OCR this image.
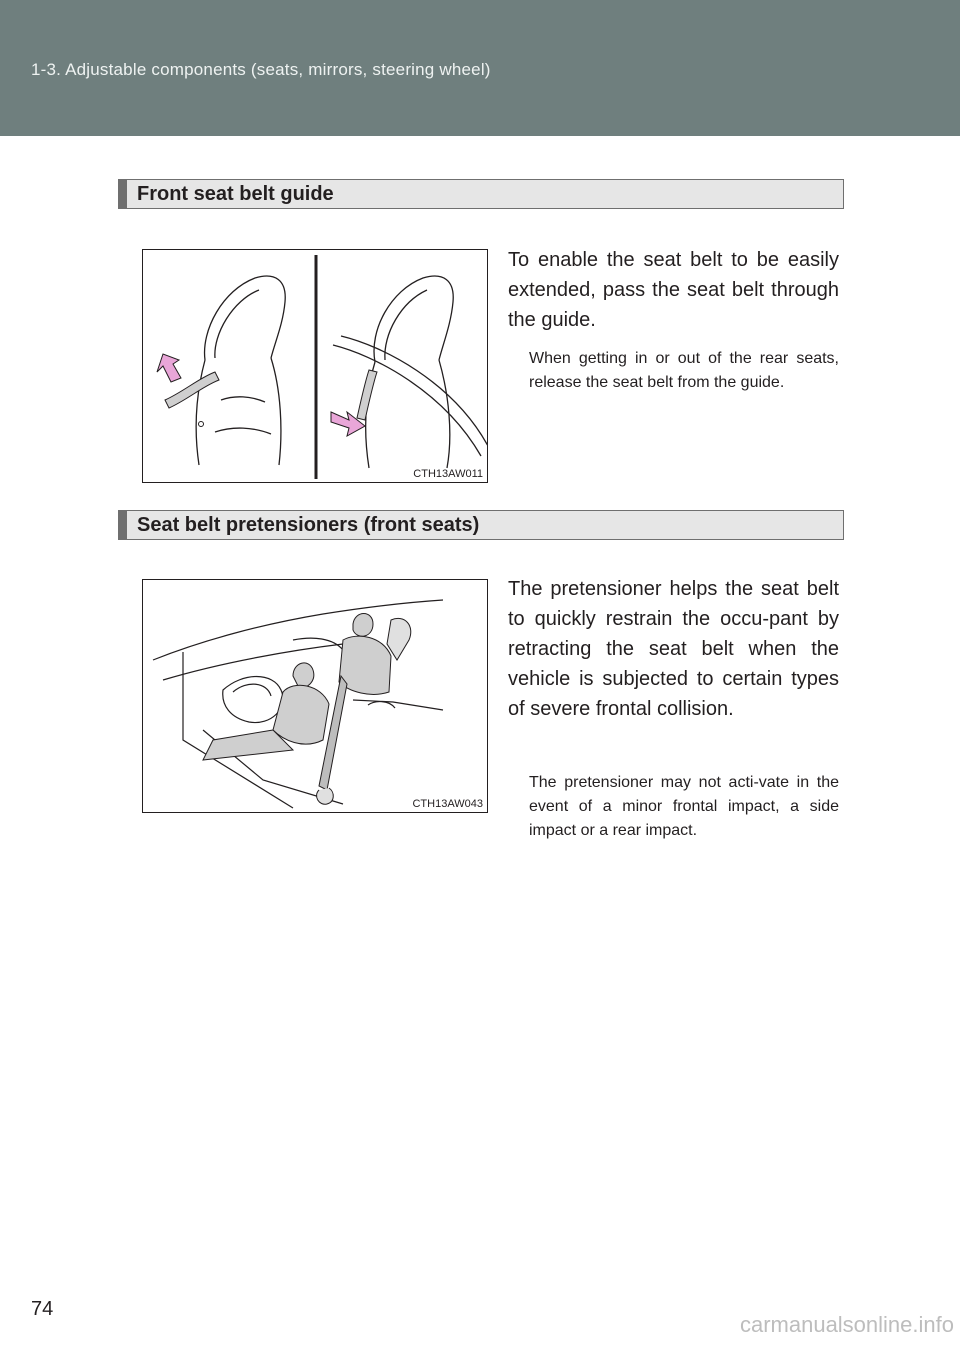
1-3. Adjustable components (seats, mirrors, steering wheel)
Front seat belt guide
CTH13AW011
To enable the seat belt to be easily extended, pass the seat belt through the guide.
When getting in or out of the rear seats, release the seat belt from the guide.
Seat belt pretensioners (front seats)
CTH13AW043
The pretensioner helps the seat belt to quickly restrain the occu-pant by retracting the seat belt when the vehicle is subjected to certain types of severe frontal collision.
The pretensioner may not acti-vate in the event of a minor frontal impact, a side impact or a rear impact.
74
carmanualsonline.info
